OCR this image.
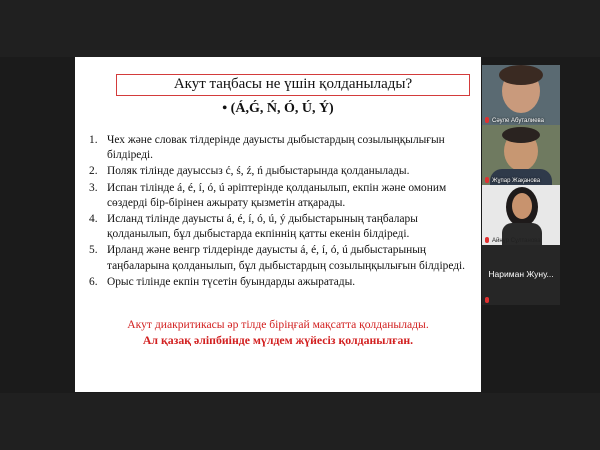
Акут таңбасы не үшін қолданылады?
• (Á,Ǵ, Ń, Ó, Ú, Ý)
1. Чех және словак тілдерінде дауысты дыбыстардың созылыңқылығын білдіреді.
2. Поляк тілінде дауыссыз ć, ś, ź, ń дыбыстарында қолданылады.
3. Испан тілінде á, é, í, ó, ú әріптерінде қолданылып, екпін және омоним сөздерді бір-бірінен ажырату қызметін атқарады.
4. Исланд тілінде дауысты á, é, í, ó, ú, ý дыбыстарының таңбалары қолданылып, бұл дыбыстарда екпіннің қатты екенін білдіреді.
5. Ирланд және венгр тілдерінде дауысты á, é, í, ó, ú дыбыстарының таңбаларына қолданылып, бұл дыбыстардың созылыңқылығын білдіреді.
6. Орыс тілінде екпін түсетін буындарды ажыратады.
Акут диакритикасы әр тілде біріңғай мақсатта қолданылады.
Ал қазақ әліпбиінде мүлдем жүйесіз қолданылған.
Сәуле Абуталиева
Жұпар Жақанова
Айнұр Сұлтанова
Нариман Жуну...
